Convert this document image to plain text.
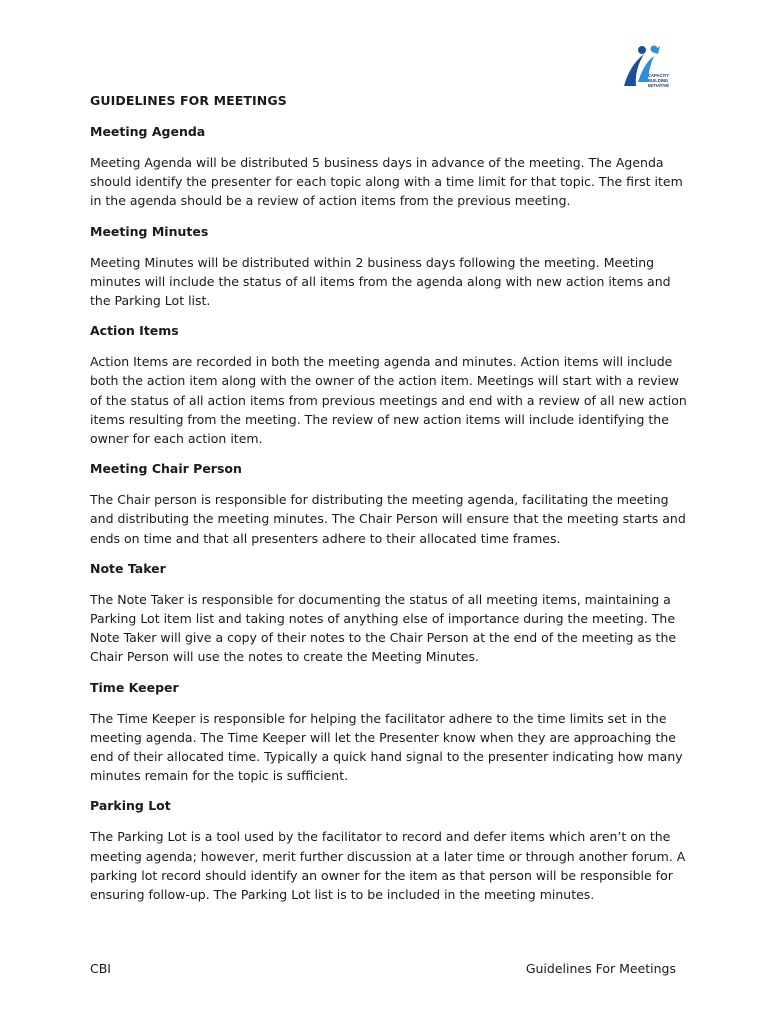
CAPACITY
BUILDING
INITIATIVE
GUIDELINES FOR MEETINGS
Meeting Agenda
Meeting Agenda will be distributed 5 business days in advance of the meeting. The Agenda should identify the presenter for each topic along with a time limit for that topic. The first item in the agenda should be a review of action items from the previous meeting.
Meeting Minutes
Meeting Minutes will be distributed within 2 business days following the meeting. Meeting minutes will include the status of all items from the agenda along with new action items and the Parking Lot list.
Action Items
Action Items are recorded in both the meeting agenda and minutes. Action items will include both the action item along with the owner of the action item. Meetings will start with a review of the status of all action items from previous meetings and end with a review of all new action items resulting from the meeting. The review of new action items will include identifying the owner for each action item.
Meeting Chair Person
The Chair person is responsible for distributing the meeting agenda, facilitating the meeting and distributing the meeting minutes. The Chair Person will ensure that the meeting starts and ends on time and that all presenters adhere to their allocated time frames.
Note Taker
The Note Taker is responsible for documenting the status of all meeting items, maintaining a Parking Lot item list and taking notes of anything else of importance during the meeting. The Note Taker will give a copy of their notes to the Chair Person at the end of the meeting as the Chair Person will use the notes to create the Meeting Minutes.
Time Keeper
The Time Keeper is responsible for helping the facilitator adhere to the time limits set in the meeting agenda. The Time Keeper will let the Presenter know when they are approaching the end of their allocated time. Typically a quick hand signal to the presenter indicating how many minutes remain for the topic is sufficient.
Parking Lot
The Parking Lot is a tool used by the facilitator to record and defer items which aren’t on the meeting agenda; however, merit further discussion at a later time or through another forum. A parking lot record should identify an owner for the item as that person will be responsible for ensuring follow-up. The Parking Lot list is to be included in the meeting minutes.
CBI	Guidelines For Meetings
